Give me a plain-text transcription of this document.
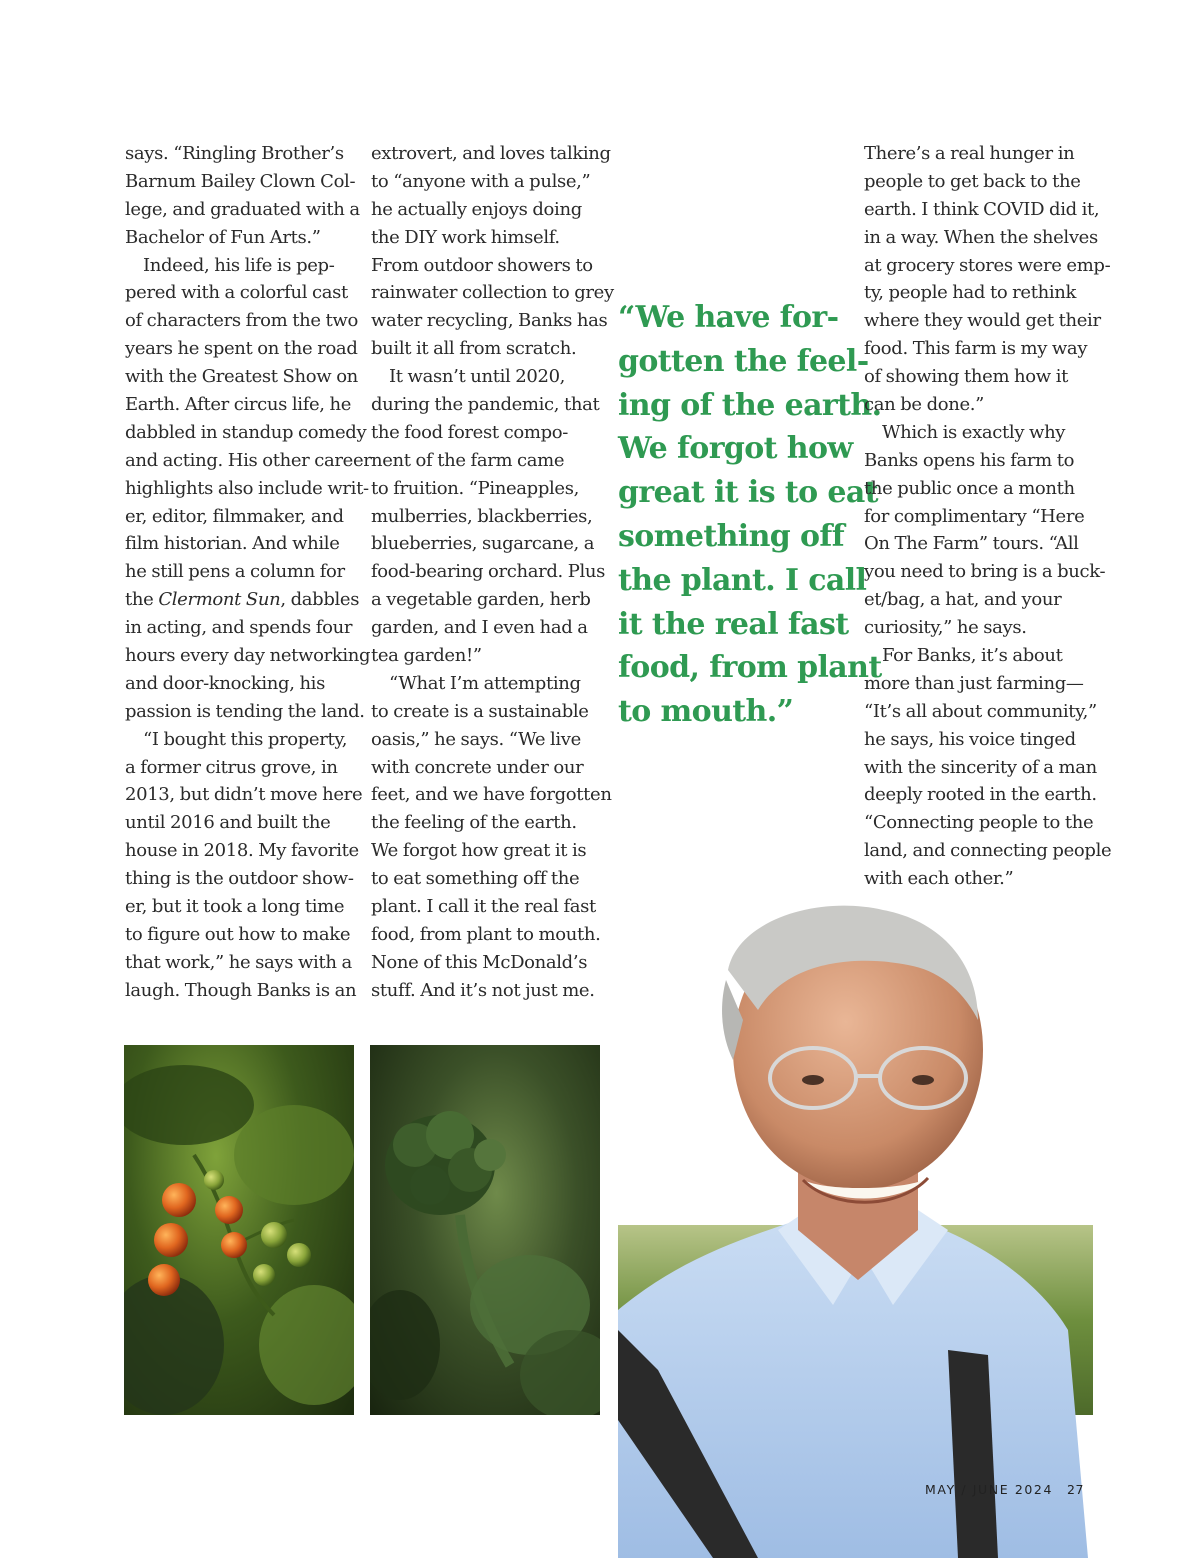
says. “Ringling Brother’s
Barnum Bailey Clown Col-
lege, and graduated with a
Bachelor of Fun Arts.”
Indeed, his life is pep-
pered with a colorful cast
of characters from the two
years he spent on the road
with the Greatest Show on
Earth. After circus life, he
dabbled in standup comedy
and acting. His other career
highlights also include writ-
er, editor, filmmaker, and
film historian. And while
he still pens a column for
the Clermont Sun, dabbles
in acting, and spends four
hours every day networking
and door-knocking, his
passion is tending the land.
“I bought this property,
a former citrus grove, in
2013, but didn’t move here
until 2016 and built the
house in 2018. My favorite
thing is the outdoor show-
er, but it took a long time
to figure out how to make
that work,” he says with a
laugh. Though Banks is an
extrovert, and loves talking
to “anyone with a pulse,”
he actually enjoys doing
the DIY work himself.
From outdoor showers to
rainwater collection to grey
water recycling, Banks has
built it all from scratch.
It wasn’t until 2020,
during the pandemic, that
the food forest compo-
nent of the farm came
to fruition. “Pineapples,
mulberries, blackberries,
blueberries, sugarcane, a
food-bearing orchard. Plus
a vegetable garden, herb
garden, and I even had a
tea garden!”
“What I’m attempting
to create is a sustainable
oasis,” he says. “We live
with concrete under our
feet, and we have forgotten
the feeling of the earth.
We forgot how great it is
to eat something off the
plant. I call it the real fast
food, from plant to mouth.
None of this McDonald’s
stuff. And it’s not just me.
“We have for-
gotten the feel-
ing of the earth.
We forgot how
great it is to eat
something off
the plant. I call
it the real fast
food, from plant
to mouth.”
There’s a real hunger in
people to get back to the
earth. I think COVID did it,
in a way. When the shelves
at grocery stores were emp-
ty, people had to rethink
where they would get their
food. This farm is my way
of showing them how it
can be done.”
Which is exactly why
Banks opens his farm to
the public once a month
for complimentary “Here
On The Farm” tours. “All
you need to bring is a buck-
et/bag, a hat, and your
curiosity,” he says.
For Banks, it’s about
more than just farming—
“It’s all about community,”
he says, his voice tinged
with the sincerity of a man
deeply rooted in the earth.
“Connecting people to the
land, and connecting people
with each other.”
MAY / JUNE 2024 27
